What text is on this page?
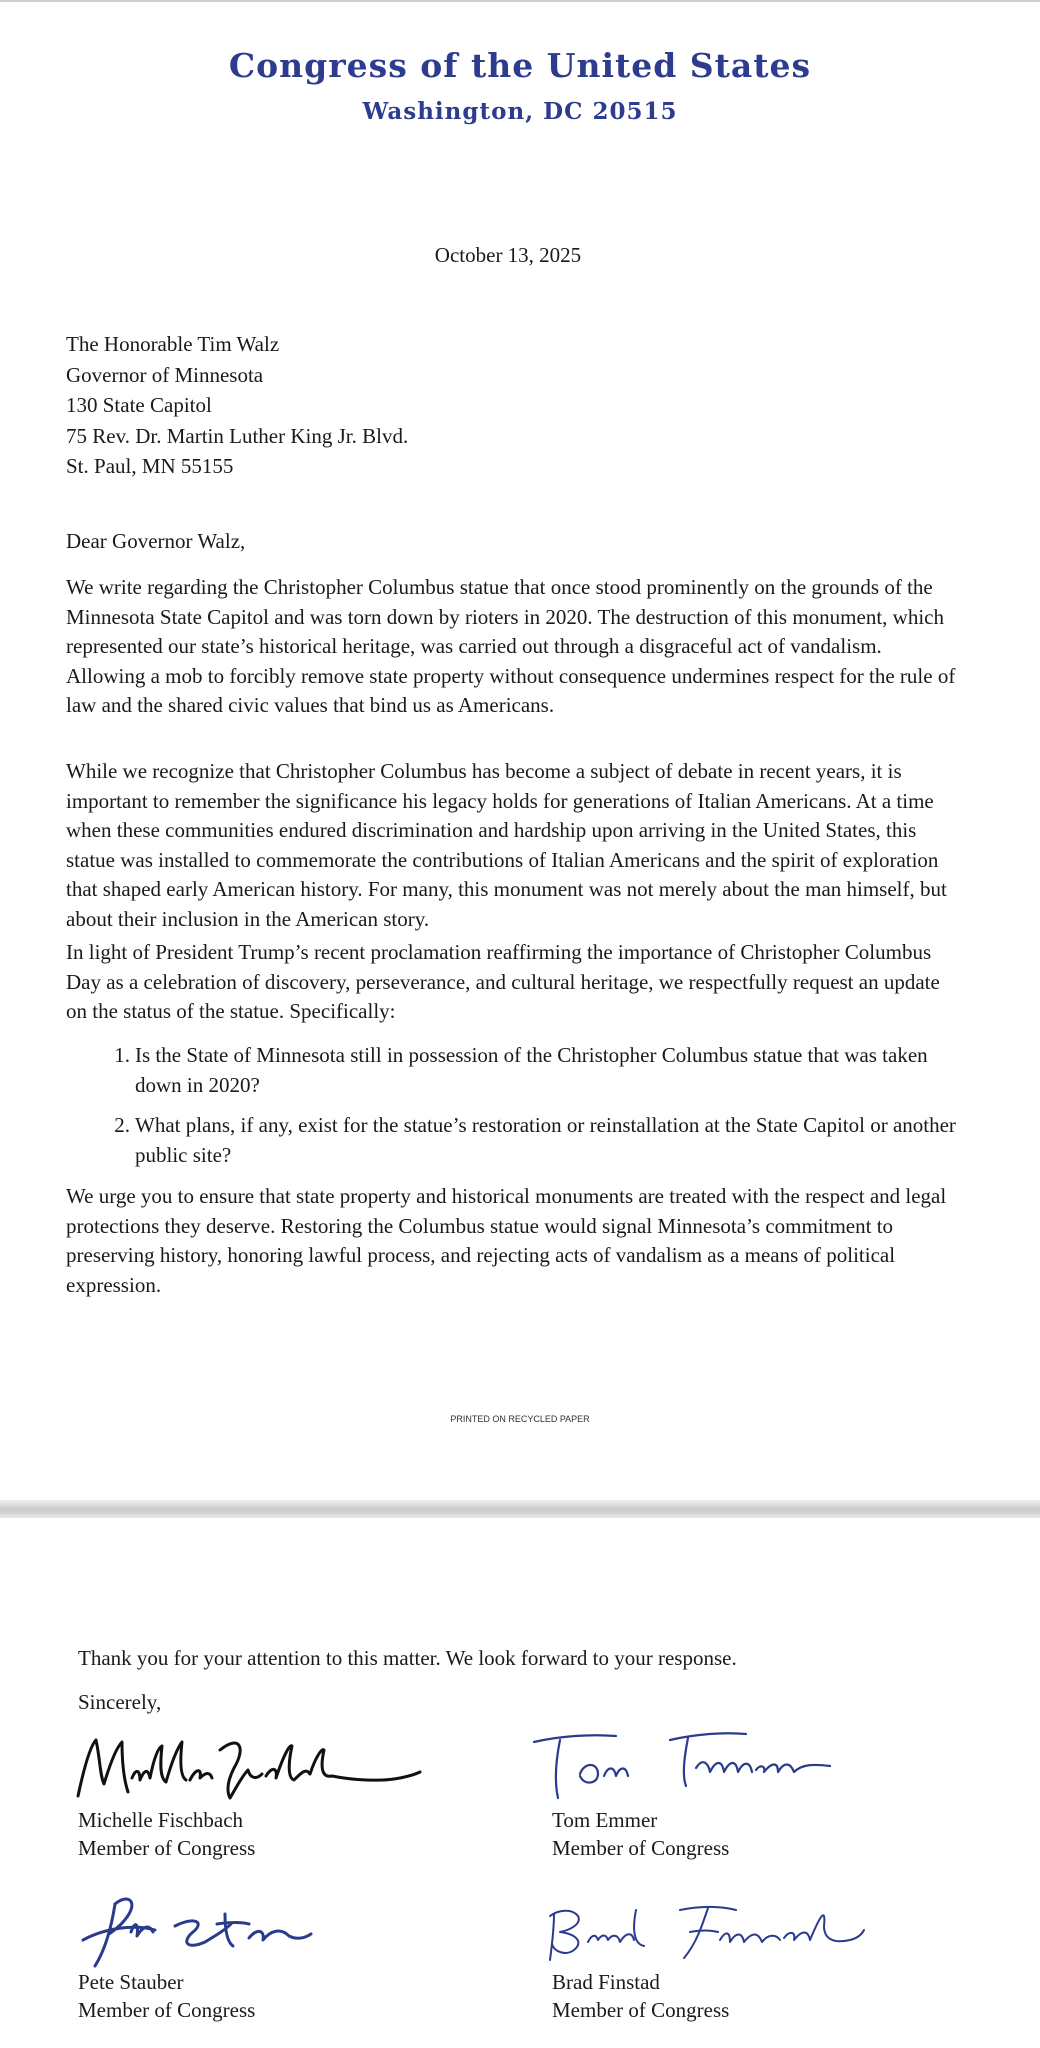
Congress of the United States
Washington, DC 20515
October 13, 2025
The Honorable Tim Walz
Governor of Minnesota
130 State Capitol
75 Rev. Dr. Martin Luther King Jr. Blvd.
St. Paul, MN 55155
Dear Governor Walz,

We write regarding the Christopher Columbus statue that once stood prominently on the grounds of the Minnesota State Capitol and was torn down by rioters in 2020. The destruction of this monument, which represented our state’s historical heritage, was carried out through a disgraceful act of vandalism. Allowing a mob to forcibly remove state property without consequence undermines respect for the rule of law and the shared civic values that bind us as Americans.

While we recognize that Christopher Columbus has become a subject of debate in recent years, it is important to remember the significance his legacy holds for generations of Italian Americans. At a time when these communities endured discrimination and hardship upon arriving in the United States, this statue was installed to commemorate the contributions of Italian Americans and the spirit of exploration that shaped early American history. For many, this monument was not merely about the man himself, but about their inclusion in the American story.

In light of President Trump’s recent proclamation reaffirming the importance of Christopher Columbus Day as a celebration of discovery, perseverance, and cultural heritage, we respectfully request an update on the status of the statue. Specifically:

1. Is the State of Minnesota still in possession of the Christopher Columbus statue that was taken down in 2020?
2. What plans, if any, exist for the statue’s restoration or reinstallation at the State Capitol or another public site?

We urge you to ensure that state property and historical monuments are treated with the respect and legal protections they deserve. Restoring the Columbus statue would signal Minnesota’s commitment to preserving history, honoring lawful process, and rejecting acts of vandalism as a means of political expression.

PRINTED ON RECYCLED PAPER
Thank you for your attention to this matter. We look forward to your response.
Sincerely,
Michelle Fischbach
Member of Congress
Tom Emmer
Member of Congress
Pete Stauber
Member of Congress
Brad Finstad
Member of Congress
